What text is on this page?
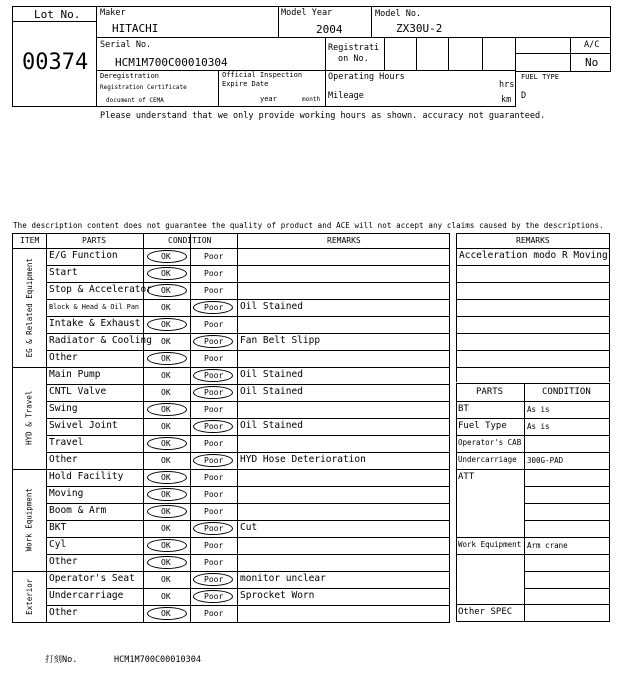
Lot No.
00374
Maker
HITACHI
Model Year
2004
Model No.
ZX30U-2
Serial No.
HCM1M700C00010304
Registrati
on No.
A/C
No
Deregistration
Registration Certificate
document of CEMA
Official Inspection
Expire Date
year	month
Operating Hours
hrs
Mileage	km
FUEL TYPE
D
Please understand that we only provide working hours as shown. accuracy not guaranteed.
The description content does not guarantee the quality of product and ACE will not accept any claims caused by the descriptions.
ITEM	PARTS	CONDITION	REMARKS
EG & Related Equipment
E/G Function	OK	Poor
Start	OK	Poor
Stop & Accelerator OK	Poor
Block & Head & Oil Pan	OK	Poor Oil Stained
Intake & Exhaust	OK	Poor
Radiator & Cooling OK	Poor Fan Belt Slipp
Other	OK	Poor
HYD & Travel
Main Pump	OK	Poor Oil Stained
CNTL Valve	OK	Poor Oil Stained
Swing	OK	Poor
Swivel Joint	OK	Poor Oil Stained
Travel	OK	Poor
Other	OK	Poor HYD Hose Deterioration
Work Equipment
Hold Facility	OK	Poor
Moving	OK	Poor
Boom & Arm	OK	Poor
BKT	OK	Poor Cut
Cyl	OK	Poor
Other	OK	Poor
Exterior Operator's Seat	OK	Poor monitor unclear
Undercarriage	OK	Poor Sprocket Worn
Other	OK	Poor
REMARKS
Acceleration modo R Moving
PARTS	CONDITION
BT	As is
Fuel Type	As is
Operator's CAB
Undercarriage 300G-PAD
ATT
Work Equipment Arm crane
Other SPEC
打刻No.	HCM1M700C00010304
